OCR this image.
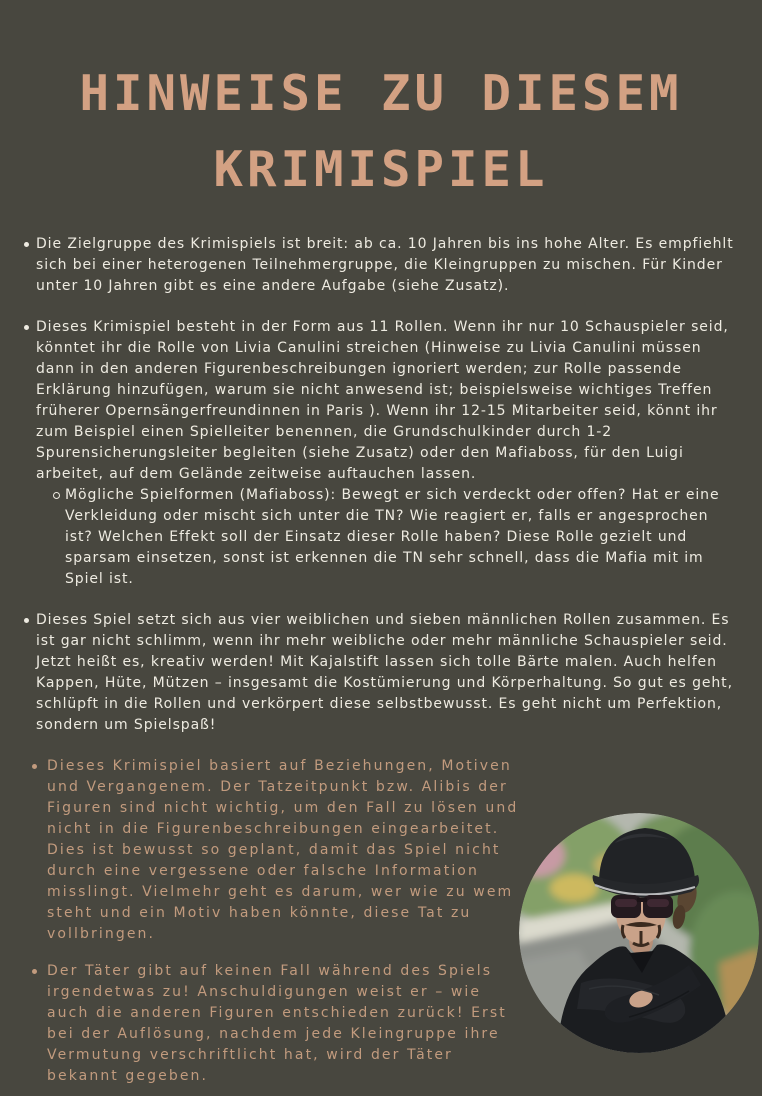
HINWEISE ZU DIESEM
KRIMISPIEL
Die Zielgruppe des Krimispiels ist breit: ab ca. 10 Jahren bis ins hohe Alter. Es empfiehlt sich bei einer heterogenen Teilnehmergruppe, die Kleingruppen zu mischen. Für Kinder unter 10 Jahren gibt es eine andere Aufgabe (siehe Zusatz).
Dieses Krimispiel besteht in der Form aus 11 Rollen. Wenn ihr nur 10 Schauspieler seid, könntet ihr die Rolle von Livia Canulini streichen (Hinweise zu Livia Canulini müssen dann in den anderen Figurenbeschreibungen ignoriert werden; zur Rolle passende Erklärung hinzufügen, warum sie nicht anwesend ist; beispielsweise wichtiges Treffen früherer Opernsängerfreundinnen in Paris ). Wenn ihr 12-15 Mitarbeiter seid, könnt ihr zum Beispiel einen Spielleiter benennen, die Grundschulkinder durch 1-2 Spurensicherungsleiter begleiten (siehe Zusatz) oder den Mafiaboss, für den Luigi arbeitet, auf dem Gelände zeitweise auftauchen lassen.
Mögliche Spielformen (Mafiaboss): Bewegt er sich verdeckt oder offen? Hat er eine Verkleidung oder mischt sich unter die TN? Wie reagiert er, falls er angesprochen ist? Welchen Effekt soll der Einsatz dieser Rolle haben? Diese Rolle gezielt und sparsam einsetzen, sonst ist erkennen die TN sehr schnell, dass die Mafia mit im Spiel ist.
Dieses Spiel setzt sich aus vier weiblichen und sieben männlichen Rollen zusammen. Es ist gar nicht schlimm, wenn ihr mehr weibliche oder mehr männliche Schauspieler seid. Jetzt heißt es, kreativ werden! Mit Kajalstift lassen sich tolle Bärte malen. Auch helfen Kappen, Hüte, Mützen – insgesamt die Kostümierung und Körperhaltung. So gut es geht, schlüpft in die Rollen und verkörpert diese selbstbewusst. Es geht nicht um Perfektion, sondern um Spielspaß!
Dieses Krimispiel basiert auf Beziehungen, Motiven und Vergangenem. Der Tatzeitpunkt bzw. Alibis der Figuren sind nicht wichtig, um den Fall zu lösen und nicht in die Figurenbeschreibungen eingearbeitet. Dies ist bewusst so geplant, damit das Spiel nicht durch eine vergessene oder falsche Information misslingt. Vielmehr geht es darum, wer wie zu wem steht und ein Motiv haben könnte, diese Tat zu vollbringen.
Der Täter gibt auf keinen Fall während des Spiels irgendetwas zu! Anschuldigungen weist er – wie auch die anderen Figuren entschieden zurück! Erst bei der Auflösung, nachdem jede Kleingruppe ihre Vermutung verschriftlicht hat, wird der Täter bekannt gegeben.
